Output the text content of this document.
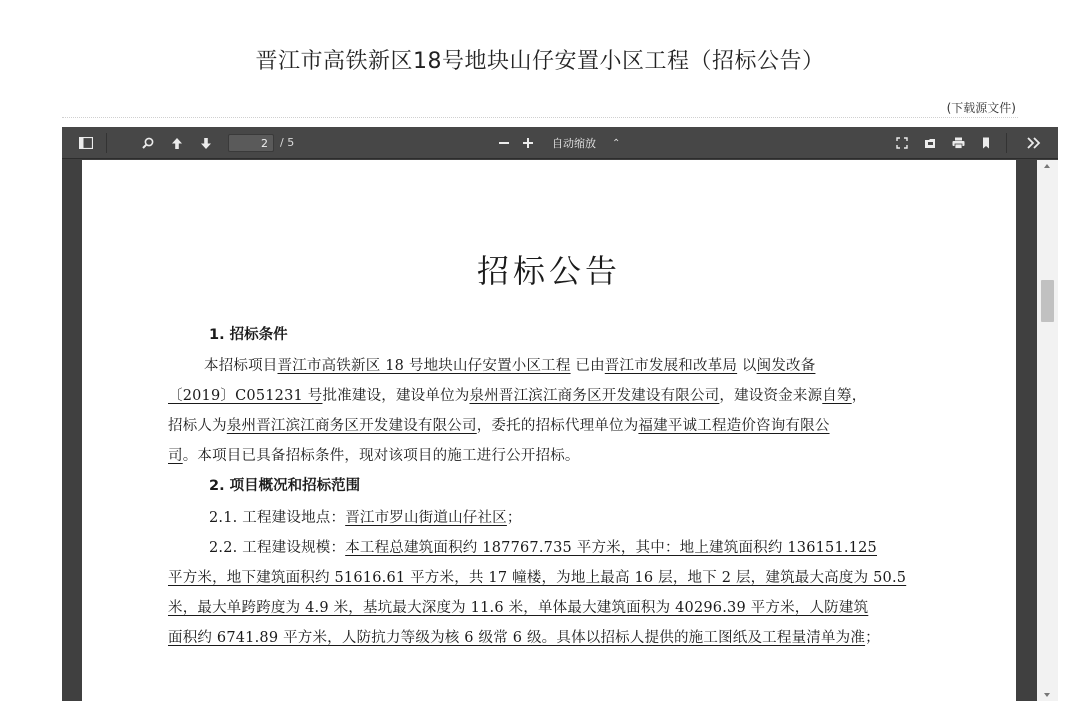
晋江市高铁新区18号地块山仔安置小区工程（招标公告）
(下载源文件)
2
/ 5	自动缩放 ⌃
招标公告
1. 招标条件
本招标项目晋江市高铁新区 18 号地块山仔安置小区工程 已由晋江市发展和改革局 以闽发改备
〔2019〕C051231 号批准建设，建设单位为泉州晋江滨江商务区开发建设有限公司，建设资金来源自筹，
招标人为泉州晋江滨江商务区开发建设有限公司，委托的招标代理单位为福建平诚工程造价咨询有限公
司。本项目已具备招标条件，现对该项目的施工进行公开招标。
2. 项目概况和招标范围
2.1. 工程建设地点：晋江市罗山街道山仔社区；
2.2. 工程建设规模：本工程总建筑面积约 187767.735 平方米，其中：地上建筑面积约 136151.125
平方米，地下建筑面积约 51616.61 平方米，共 17 幢楼，为地上最高 16 层，地下 2 层，建筑最大高度为 50.5
米，最大单跨跨度为 4.9 米，基坑最大深度为 11.6 米，单体最大建筑面积为 40296.39 平方米，人防建筑
面积约 6741.89 平方米，人防抗力等级为核 6 级常 6 级。具体以招标人提供的施工图纸及工程量清单为准；
